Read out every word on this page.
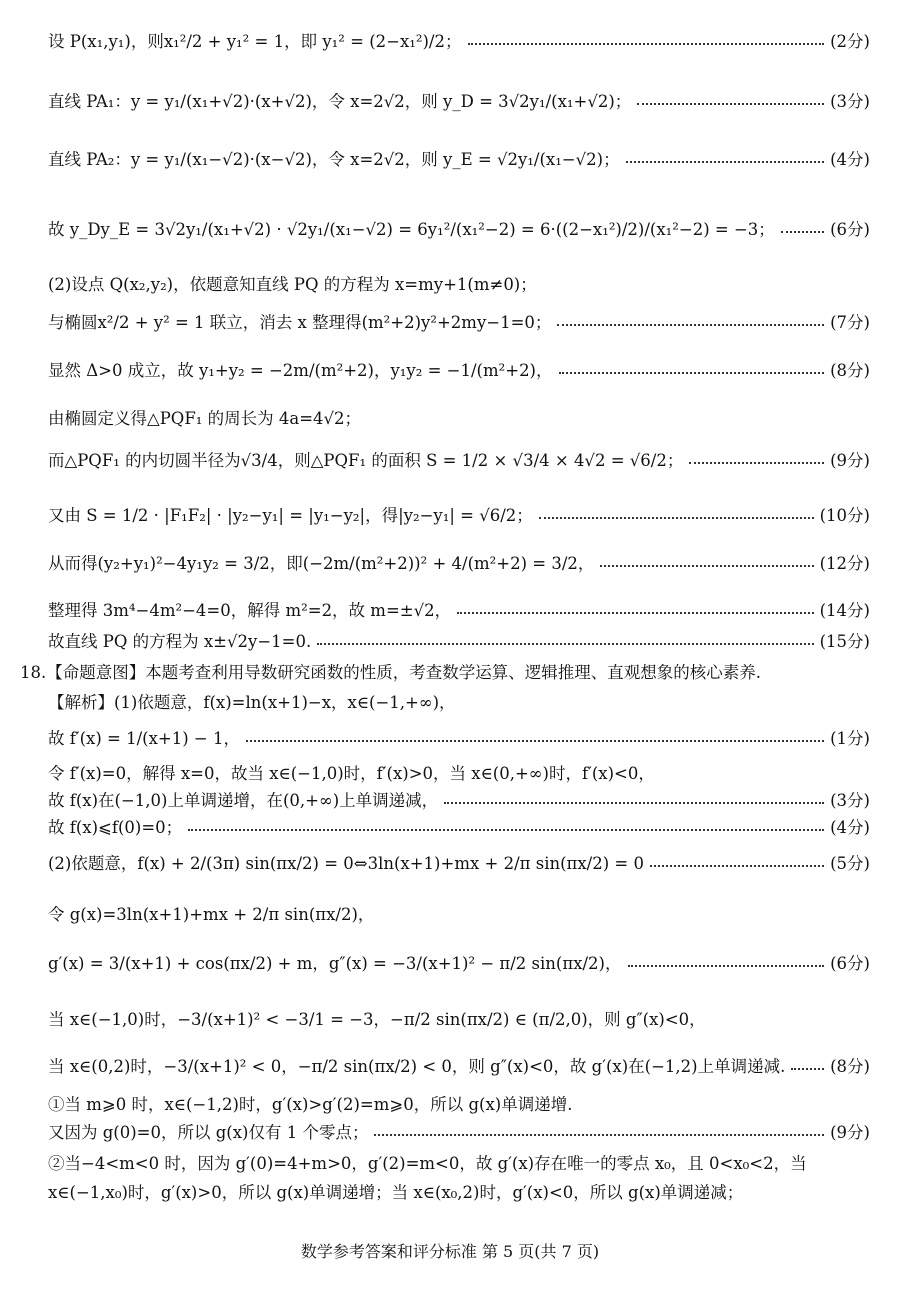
设 P(x₁,y₁)，则x₁²/2 + y₁² = 1，即 y₁² = (2−x₁²)/2；	(2分)
直线 PA₁：y = y₁/(x₁+√2)·(x+√2)，令 x=2√2，则 y_D = 3√2y₁/(x₁+√2)；	(3分)
直线 PA₂：y = y₁/(x₁−√2)·(x−√2)，令 x=2√2，则 y_E = √2y₁/(x₁−√2)；	(4分)
故 y_Dy_E = 3√2y₁/(x₁+√2) · √2y₁/(x₁−√2) = 6y₁²/(x₁²−2) = 6·((2−x₁²)/2)/(x₁²−2) = −3；	(6分)
(2)设点 Q(x₂,y₂)，依题意知直线 PQ 的方程为 x=my+1(m≠0)；
与椭圆x²/2 + y² = 1 联立，消去 x 整理得(m²+2)y²+2my−1=0；	(7分)
显然 Δ>0 成立，故 y₁+y₂ = −2m/(m²+2)，y₁y₂ = −1/(m²+2)，	(8分)
由椭圆定义得△PQF₁ 的周长为 4a=4√2；
而△PQF₁ 的内切圆半径为√3/4，则△PQF₁ 的面积 S = 1/2 × √3/4 × 4√2 = √6/2；	(9分)
又由 S = 1/2 · |F₁F₂| · |y₂−y₁| = |y₁−y₂|，得|y₂−y₁| = √6/2；	(10分)
从而得(y₂+y₁)²−4y₁y₂ = 3/2，即(−2m/(m²+2))² + 4/(m²+2) = 3/2，	(12分)
整理得 3m⁴−4m²−4=0，解得 m²=2，故 m=±√2，	(14分)
故直线 PQ 的方程为 x±√2y−1=0.	(15分)
18.【命题意图】本题考查利用导数研究函数的性质，考查数学运算、逻辑推理、直观想象的核心素养.
【解析】(1)依题意，f(x)=ln(x+1)−x，x∈(−1,+∞)，
故 f′(x) = 1/(x+1) − 1，	(1分)
令 f′(x)=0，解得 x=0，故当 x∈(−1,0)时，f′(x)>0，当 x∈(0,+∞)时，f′(x)<0，
故 f(x)在(−1,0)上单调递增，在(0,+∞)上单调递减，	(3分)
故 f(x)⩽f(0)=0；	(4分)
(2)依题意，f(x) + 2/(3π) sin(πx/2) = 0⇔3ln(x+1)+mx + 2/π sin(πx/2) = 0	(5分)
令 g(x)=3ln(x+1)+mx + 2/π sin(πx/2)，
g′(x) = 3/(x+1) + cos(πx/2) + m，g″(x) = −3/(x+1)² − π/2 sin(πx/2)，	(6分)
当 x∈(−1,0)时，−3/(x+1)² < −3/1 = −3，−π/2 sin(πx/2) ∈ (π/2,0)，则 g″(x)<0，
当 x∈(0,2)时，−3/(x+1)² < 0，−π/2 sin(πx/2) < 0，则 g″(x)<0，故 g′(x)在(−1,2)上单调递减.	(8分)
①当 m⩾0 时，x∈(−1,2)时，g′(x)>g′(2)=m⩾0，所以 g(x)单调递增.
又因为 g(0)=0，所以 g(x)仅有 1 个零点；	(9分)
②当−4<m<0 时，因为 g′(0)=4+m>0，g′(2)=m<0，故 g′(x)存在唯一的零点 x₀，且 0<x₀<2，当
x∈(−1,x₀)时，g′(x)>0，所以 g(x)单调递增；当 x∈(x₀,2)时，g′(x)<0，所以 g(x)单调递减；
数学参考答案和评分标准 第 5 页(共 7 页)
